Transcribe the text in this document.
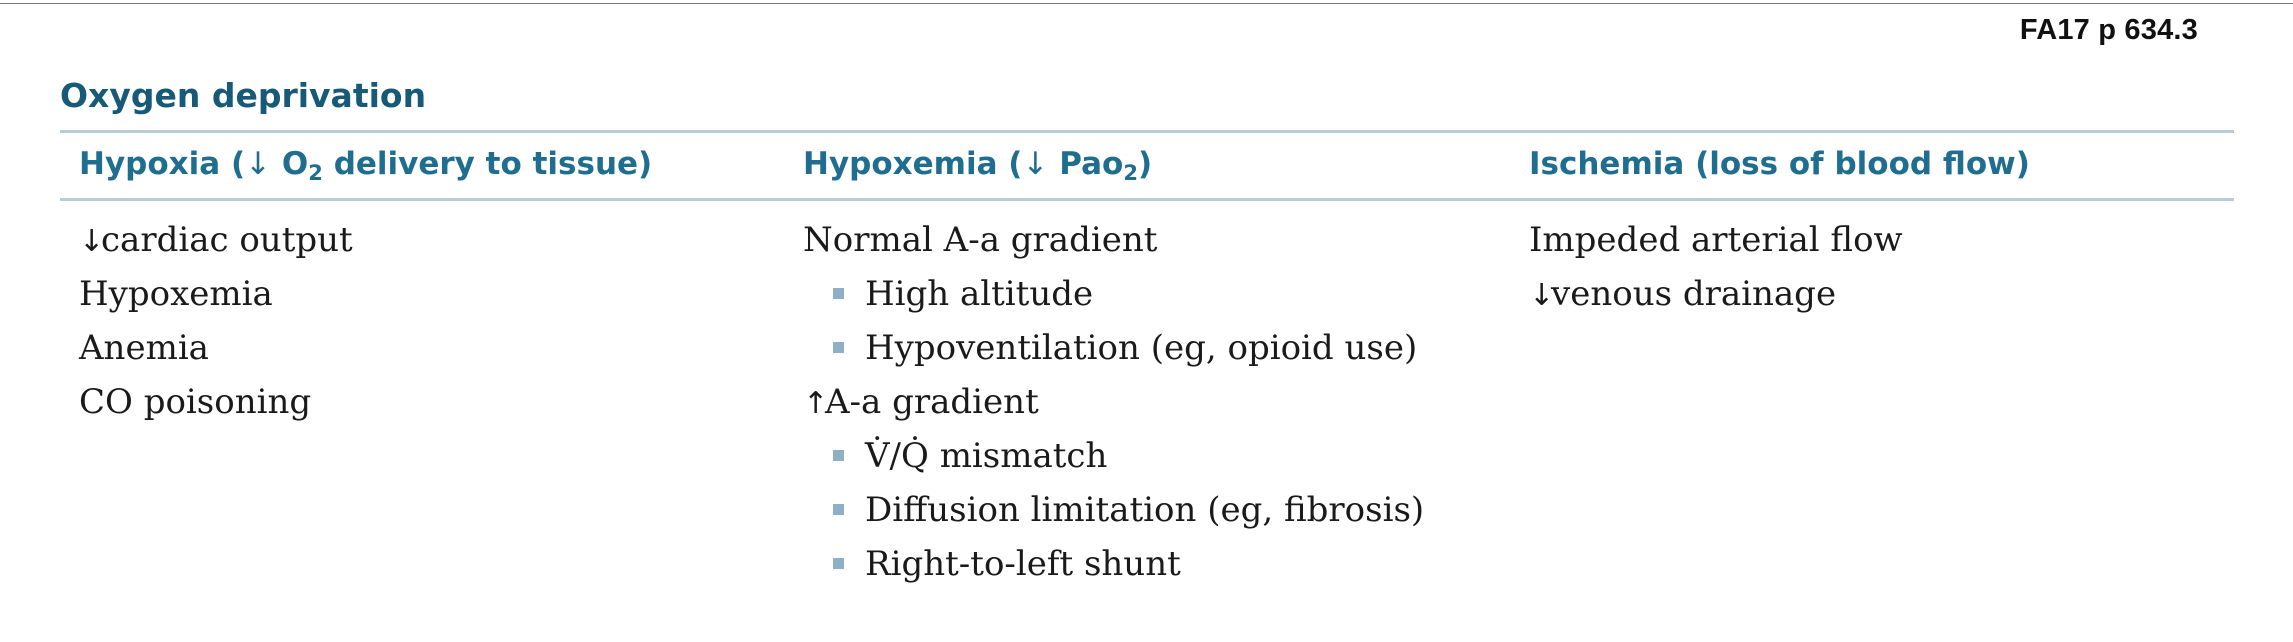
FA17 p 634.3
Oxygen deprivation
Hypoxia (↓ $O_2$ delivery to tissue)	Hypoxemia (↓ Pao$_2$)	Ischemia (loss of blood flow)
↓cardiac output
Hypoxemia
Anemia
CO poisoning
Normal A-a gradient
High altitude
Hypoventilation (eg, opioid use)
↑A-a gradient
V̇/Q̇ mismatch
Diffusion limitation (eg, fibrosis)
Right-to-left shunt
Impeded arterial flow
↓venous drainage
